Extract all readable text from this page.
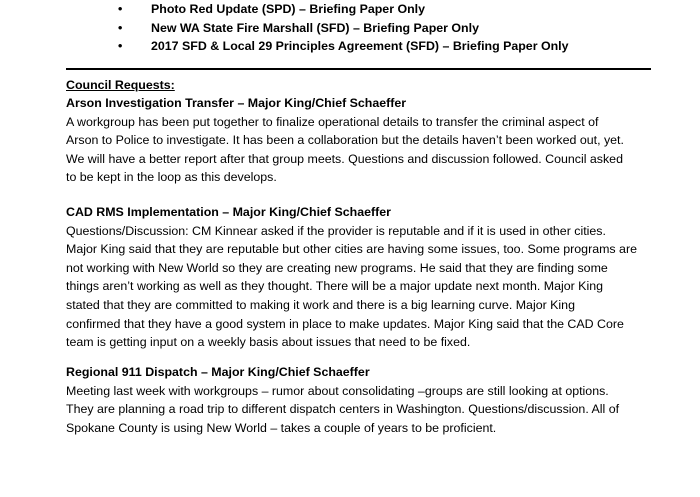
• Photo Red Update (SPD) – Briefing Paper Only
• New WA State Fire Marshall (SFD) – Briefing Paper Only
• 2017 SFD & Local 29 Principles Agreement (SFD) – Briefing Paper Only
Council Requests:
Arson Investigation Transfer – Major King/Chief Schaeffer
A workgroup has been put together to finalize operational details to transfer the criminal aspect of
Arson to Police to investigate. It has been a collaboration but the details haven’t been worked out, yet.
We will have a better report after that group meets. Questions and discussion followed. Council asked
to be kept in the loop as this develops.
CAD RMS Implementation – Major King/Chief Schaeffer
Questions/Discussion: CM Kinnear asked if the provider is reputable and if it is used in other cities.
Major King said that they are reputable but other cities are having some issues, too. Some programs are
not working with New World so they are creating new programs. He said that they are finding some
things aren’t working as well as they thought. There will be a major update next month. Major King
stated that they are committed to making it work and there is a big learning curve. Major King
confirmed that they have a good system in place to make updates. Major King said that the CAD Core
team is getting input on a weekly basis about issues that need to be fixed.
Regional 911 Dispatch – Major King/Chief Schaeffer
Meeting last week with workgroups – rumor about consolidating –groups are still looking at options.
They are planning a road trip to different dispatch centers in Washington. Questions/discussion. All of
Spokane County is using New World – takes a couple of years to be proficient.
